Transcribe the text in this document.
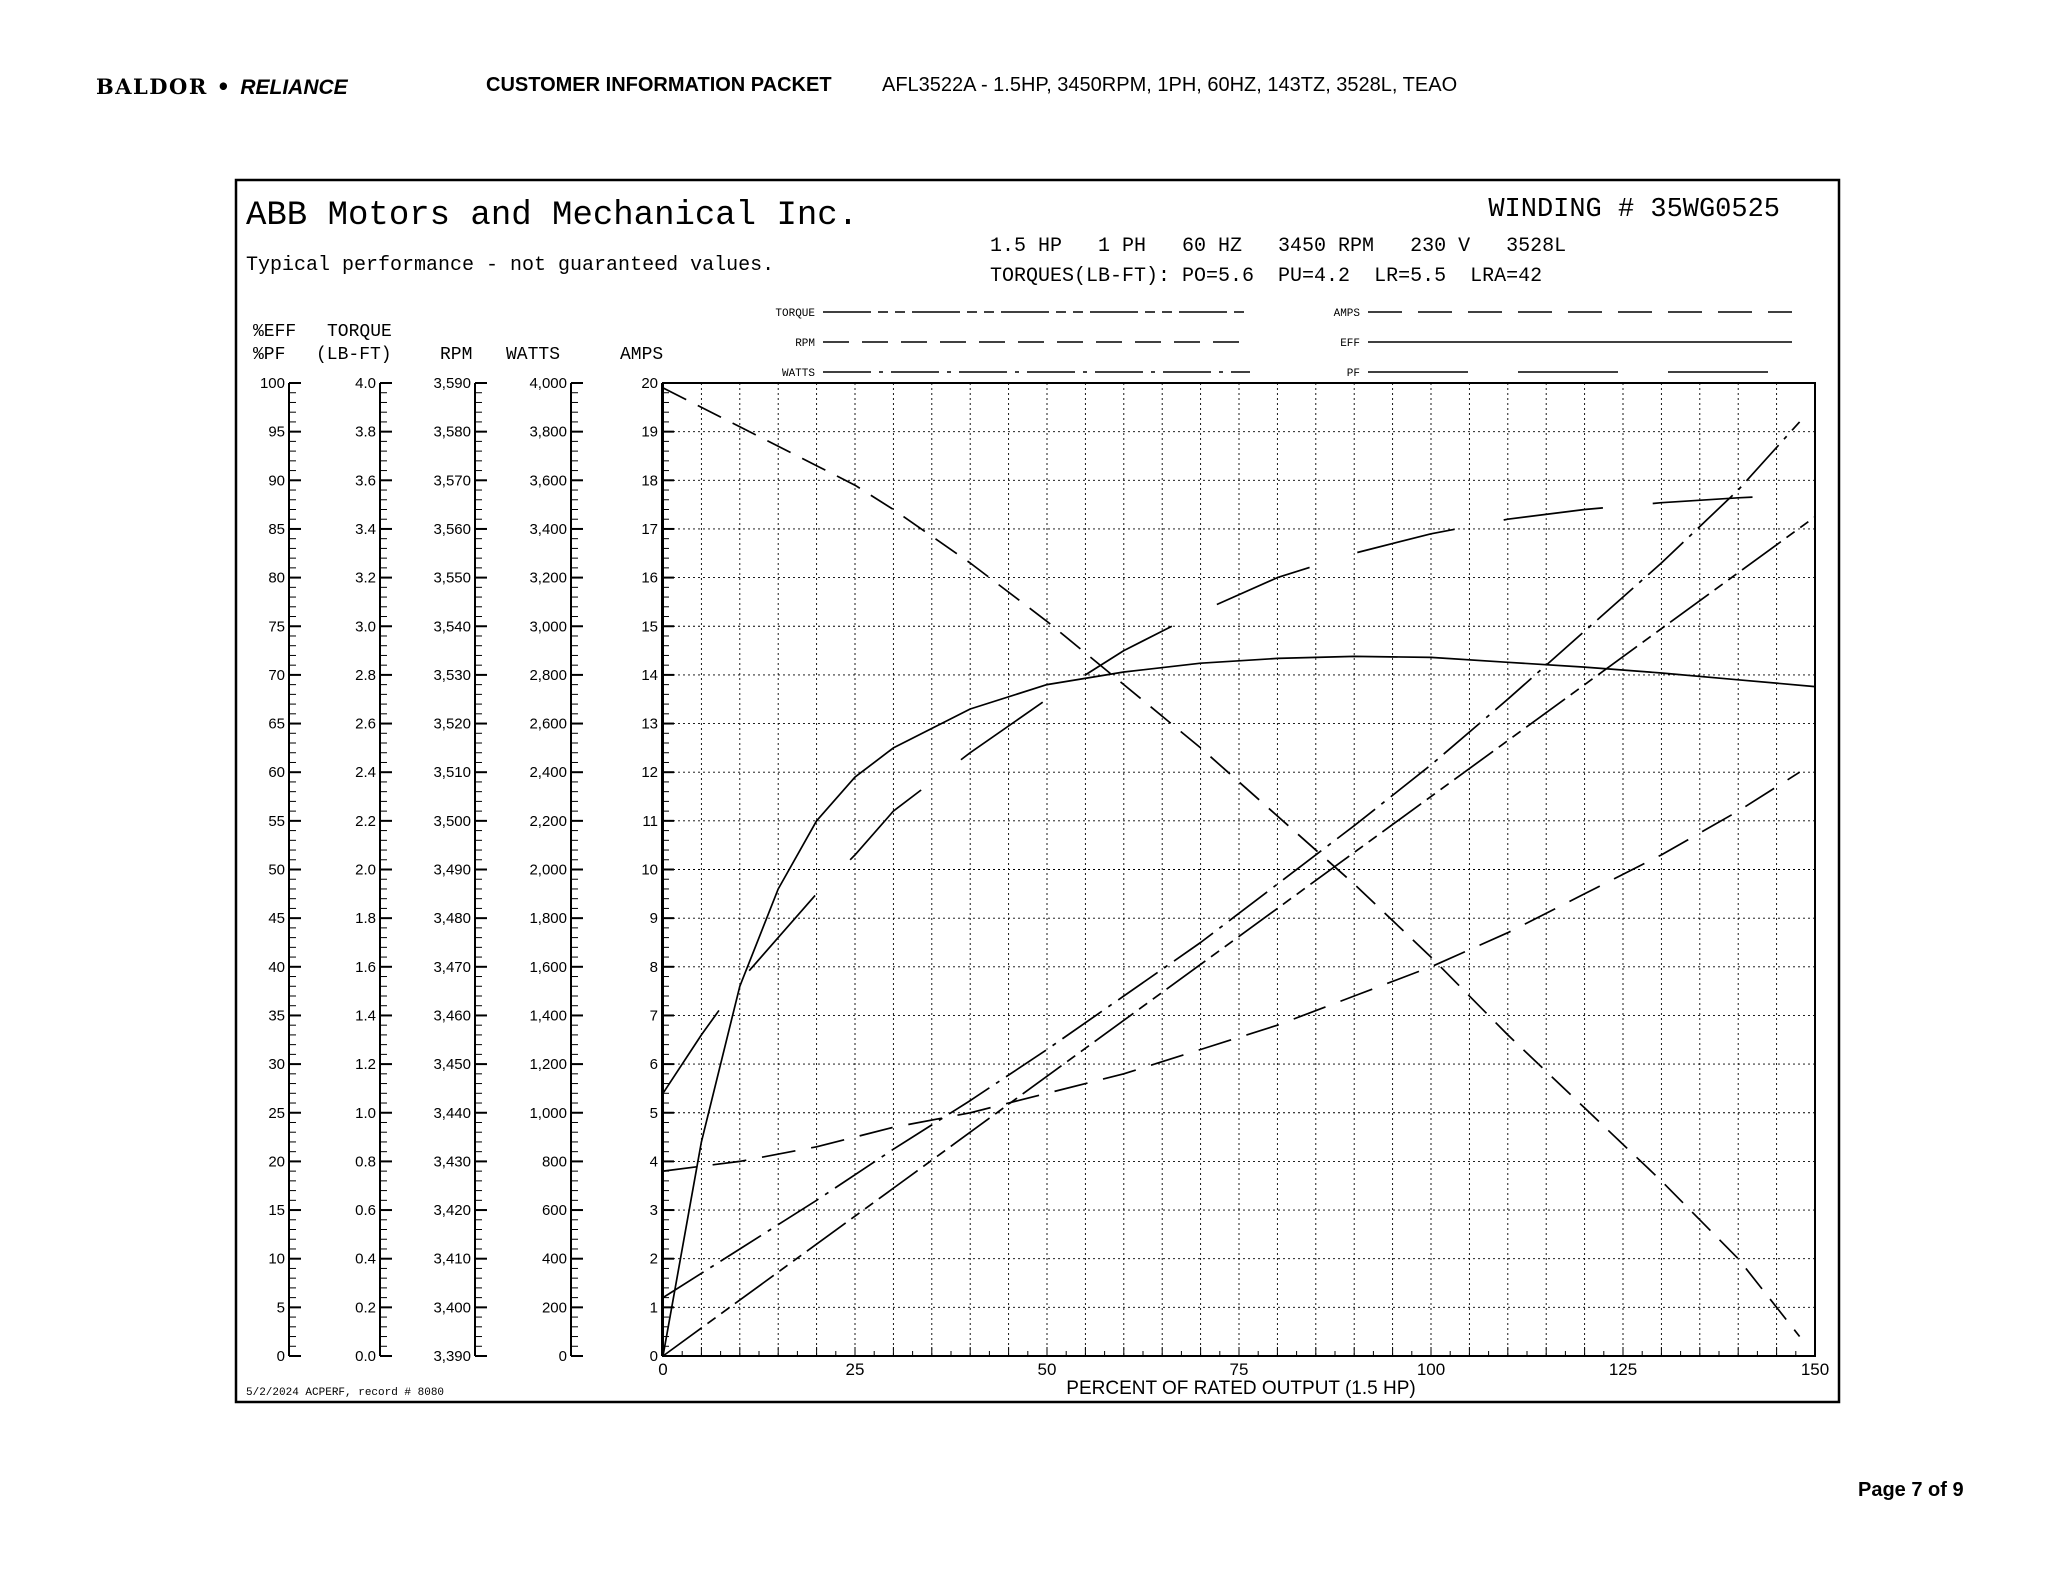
BALDOR • RELIANCE	CUSTOMER INFORMATION PACKET	AFL3522A - 1.5HP, 3450RPM, 1PH, 60HZ, 143TZ, 3528L, TEAO
ABB Motors and Mechanical Inc.
Typical performance - not guaranteed values.
WINDING # 35WG0525
1.5 HP   1 PH   60 HZ   3450 RPM   230 V   3528L
TORQUES(LB-FT): PO=5.6  PU=4.2  LR=5.5  LRA=42
5/2/2024 ACPERF, record # 8080	PERCENT OF RATED OUTPUT (1.5 HP)
TORQUE
RPM
WATTS
AMPS
EFF
PF
100
95
90
85
80
75
70
65
60
55
50
45
40
35
30
25
20
15
10
5
0
%EFF
%PF
4.0
3.8
3.6
3.4
3.2
3.0
2.8
2.6
2.4
2.2
2.0
1.8
1.6
1.4
1.2
1.0
0.8
0.6
0.4
0.2
0.0
TORQUE
(LB-FT)
3,590
3,580
3,570
3,560
3,550
3,540
3,530
3,520
3,510
3,500
3,490
3,480
3,470
3,460
3,450
3,440
3,430
3,420
3,410
3,400
3,390
RPM
4,000
3,800
3,600
3,400
3,200
3,000
2,800
2,600
2,400
2,200
2,000
1,800
1,600
1,400
1,200
1,000
800
600
400
200
0
WATTS
20
19
18
17
16
15
14
13
12
11
10
9
8
7
6
5
4
3
2
1
0
AMPS
0	25	50	75	100	125	150
Page 7 of 9
